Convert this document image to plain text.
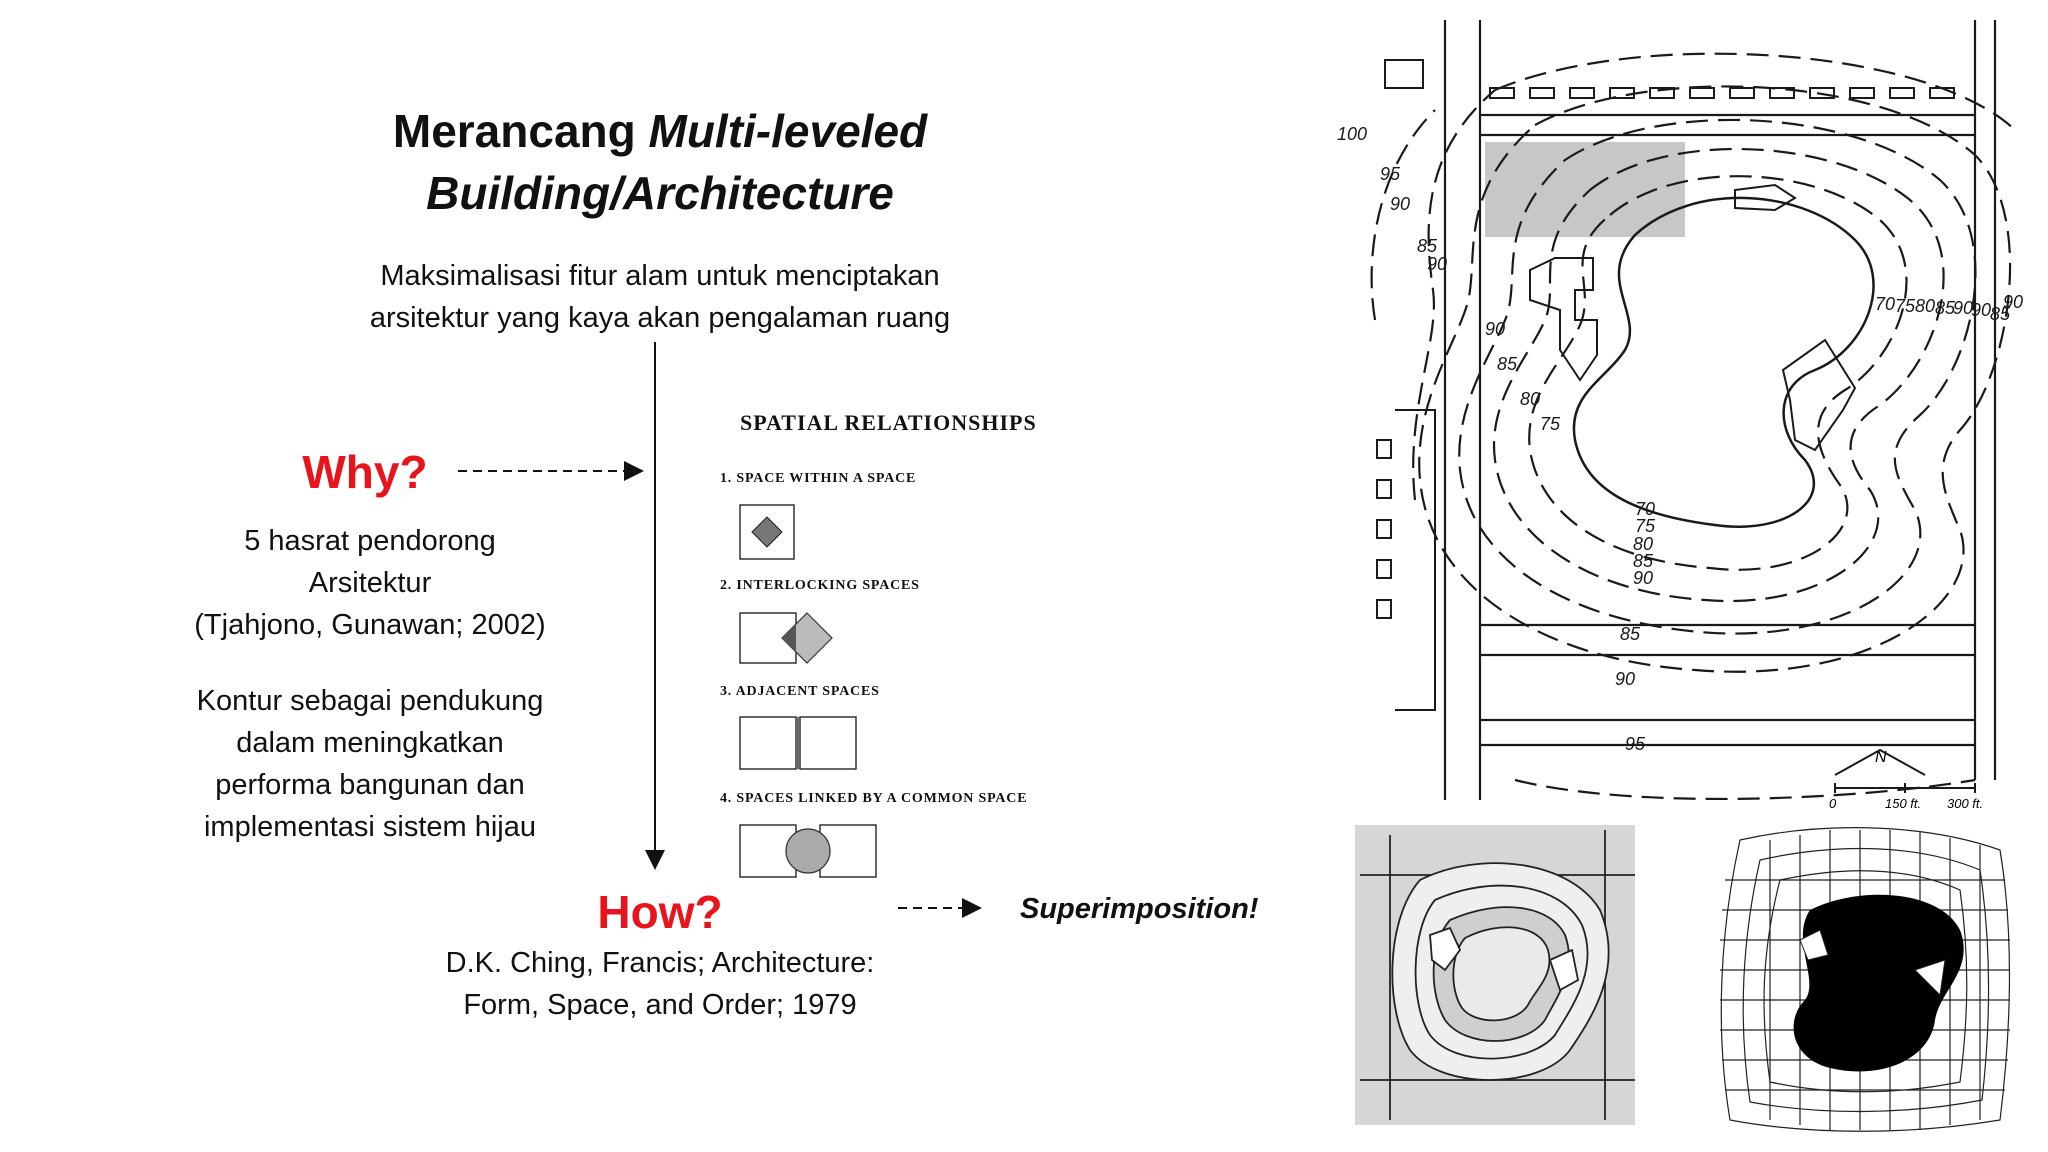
Merancang Multi-leveled
Building/Architecture
Maksimalisasi fitur alam untuk menciptakan
arsitektur yang kaya akan pengalaman ruang
Why?
5 hasrat pendorong
Arsitektur
(Tjahjono, Gunawan; 2002)
Kontur sebagai pendukung
dalam meningkatkan
performa bangunan dan
implementasi sistem hijau
How?
D.K. Ching, Francis; Architecture:
Form, Space, and Order; 1979
Superimposition!
SPATIAL RELATIONSHIPS
1. SPACE WITHIN A SPACE
2. INTERLOCKING SPACES
3. ADJACENT SPACES
4. SPACES LINKED BY A COMMON SPACE
100
95
90
85
90
90
85
80
75
70 75 80 85
90
90
85
90
95
70
75
80
85
90
85
90
N
0	150 ft. 300 ft.
